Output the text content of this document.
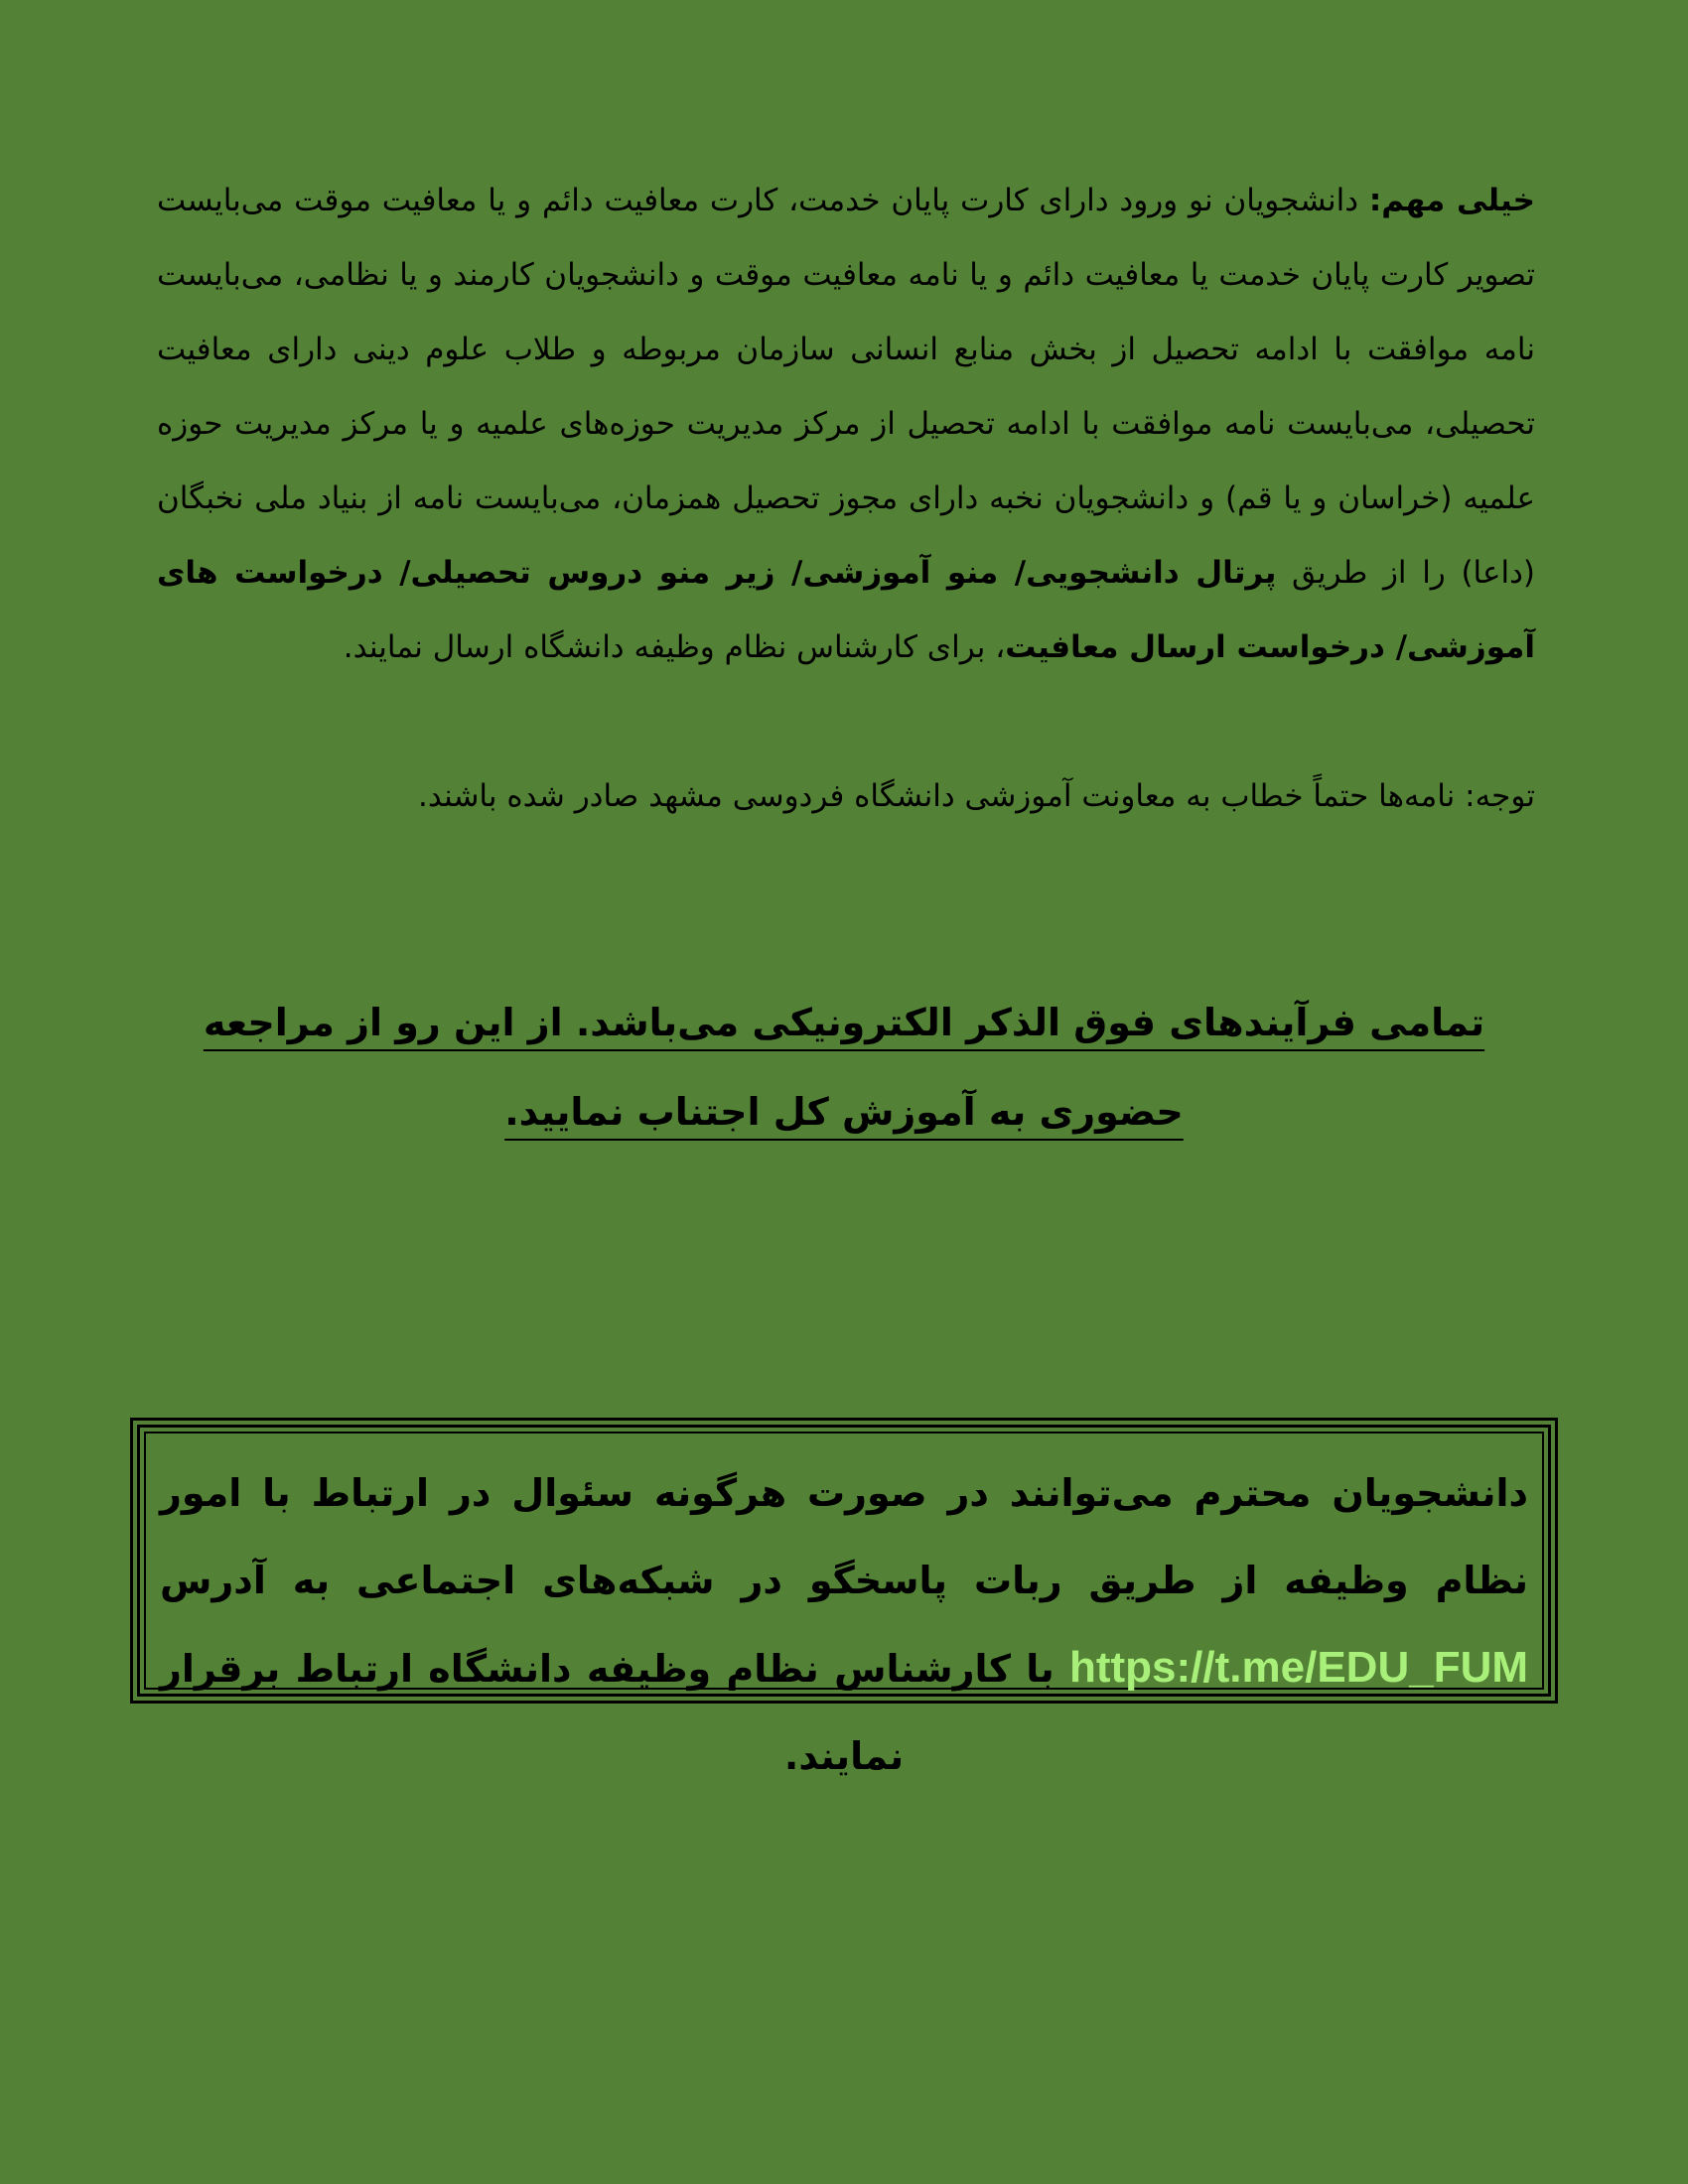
خیلی مهم: دانشجویان نو ورود دارای کارت پایان خدمت، کارت معافیت دائم و یا معافیت موقت می‌بایست تصویر کارت پایان خدمت یا معافیت دائم و یا نامه معافیت موقت و دانشجویان کارمند و یا نظامی، می‌بایست نامه موافقت با ادامه تحصیل از بخش منابع انسانی سازمان مربوطه و طلاب علوم دینی دارای معافیت تحصیلی، می‌بایست نامه موافقت با ادامه تحصیل از مرکز مدیریت حوزه‌های علمیه و یا مرکز مدیریت حوزه علمیه (خراسان و یا قم) و دانشجویان نخبه دارای مجوز تحصیل همزمان، می‌بایست نامه از بنیاد ملی نخبگان (داعا) را از طریق پرتال دانشجویی/ منو آموزشی/ زیر منو دروس تحصیلی/ درخواست های آموزشی/ درخواست ارسال معافیت، برای کارشناس نظام وظیفه دانشگاه ارسال نمایند.

توجه: نامه‌ها حتماً خطاب به معاونت آموزشی دانشگاه فردوسی مشهد صادر شده باشند.

تمامی فرآیندهای فوق الذکر الکترونیکی می‌باشد. از این رو از مراجعه حضوری به آموزش کل اجتناب نمایید.

دانشجویان محترم می‌توانند در صورت هرگونه سئوال در ارتباط با امور نظام وظیفه از طریق ربات پاسخگو در شبکه‌های اجتماعی به آدرس https://t.me/EDU_FUM با کارشناس نظام وظیفه دانشگاه ارتباط برقرار نمایند.
